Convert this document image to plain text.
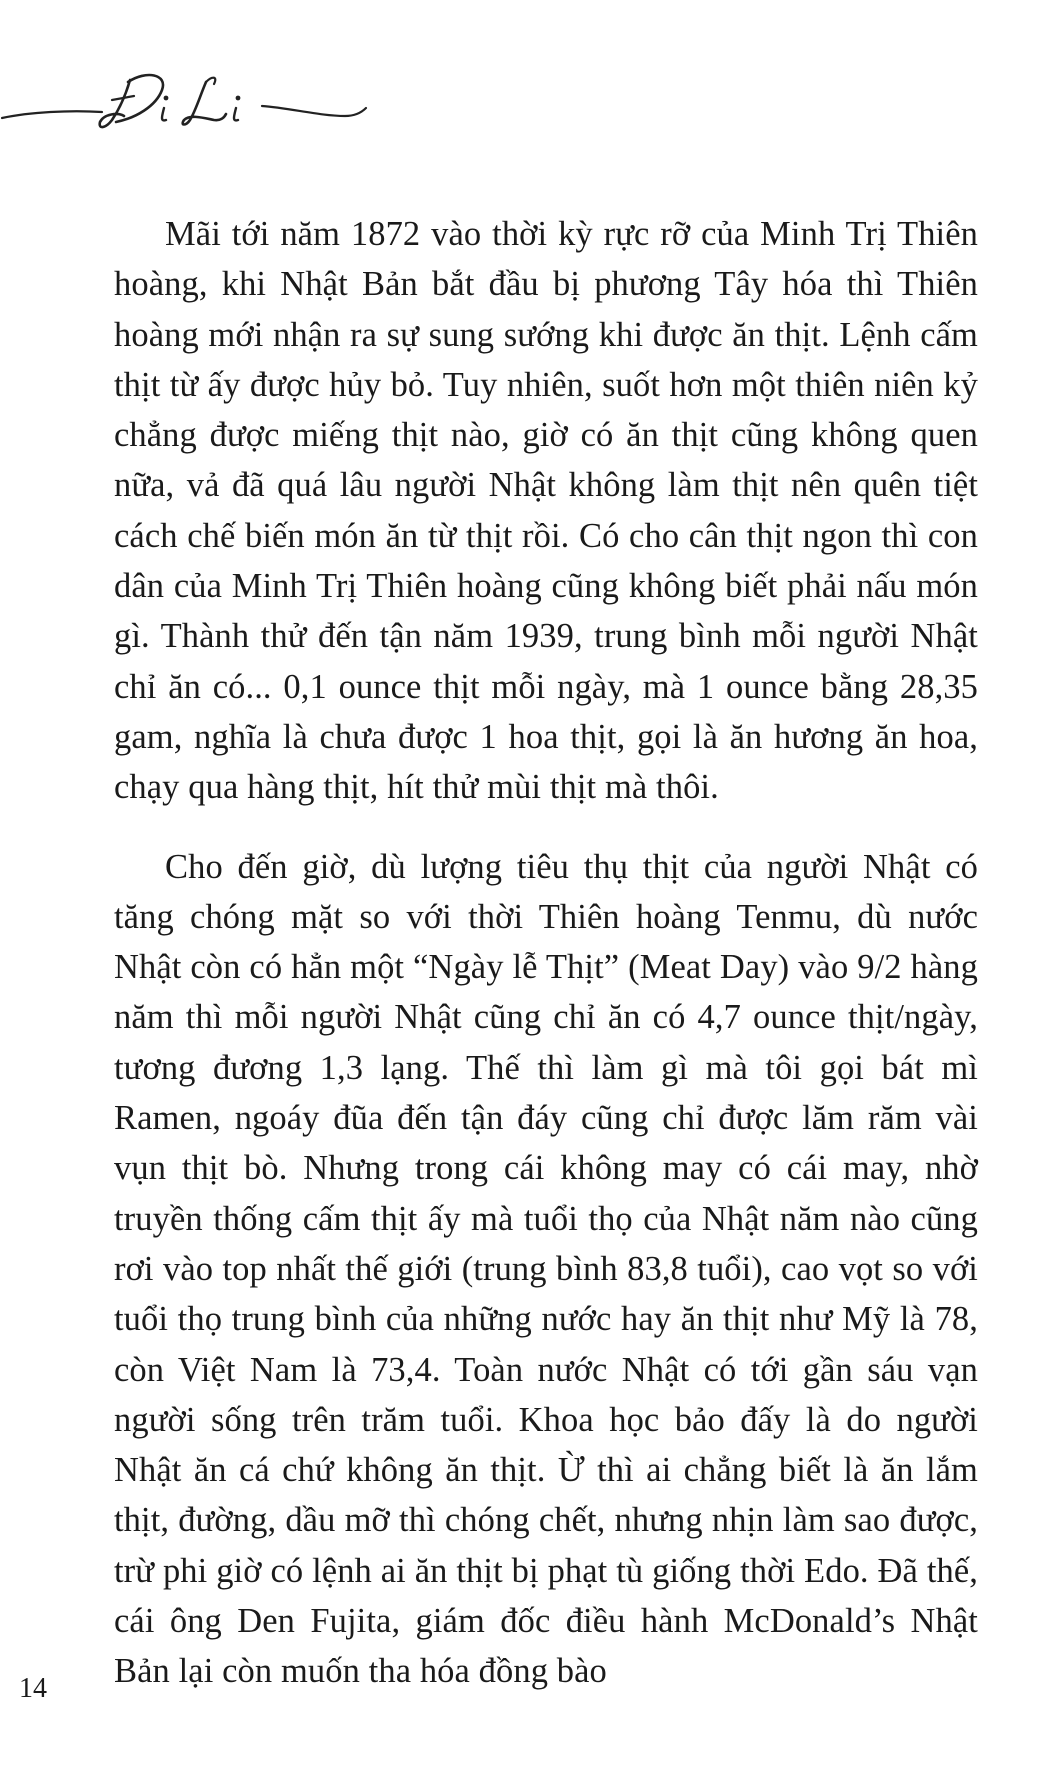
Mãi tới năm 1872 vào thời kỳ rực rỡ của Minh Trị Thiên hoàng, khi Nhật Bản bắt đầu bị phương Tây hóa thì Thiên hoàng mới nhận ra sự sung sướng khi được ăn thịt. Lệnh cấm thịt từ ấy được hủy bỏ. Tuy nhiên, suốt hơn một thiên niên kỷ chẳng được miếng thịt nào, giờ có ăn thịt cũng không quen nữa, vả đã quá lâu người Nhật không làm thịt nên quên tiệt cách chế biến món ăn từ thịt rồi. Có cho cân thịt ngon thì con dân của Minh Trị Thiên hoàng cũng không biết phải nấu món gì. Thành thử đến tận năm 1939, trung bình mỗi người Nhật chỉ ăn có... 0,1 ounce thịt mỗi ngày, mà 1 ounce bằng 28,35 gam, nghĩa là chưa được 1 hoa thịt, gọi là ăn hương ăn hoa, chạy qua hàng thịt, hít thử mùi thịt mà thôi.

Cho đến giờ, dù lượng tiêu thụ thịt của người Nhật có tăng chóng mặt so với thời Thiên hoàng Tenmu, dù nước Nhật còn có hẳn một “Ngày lễ Thịt” (Meat Day) vào 9/2 hàng năm thì mỗi người Nhật cũng chỉ ăn có 4,7 ounce thịt/ngày, tương đương 1,3 lạng. Thế thì làm gì mà tôi gọi bát mì Ramen, ngoáy đũa đến tận đáy cũng chỉ được lăm răm vài vụn thịt bò. Nhưng trong cái không may có cái may, nhờ truyền thống cấm thịt ấy mà tuổi thọ của Nhật năm nào cũng rơi vào top nhất thế giới (trung bình 83,8 tuổi), cao vọt so với tuổi thọ trung bình của những nước hay ăn thịt như Mỹ là 78, còn Việt Nam là 73,4. Toàn nước Nhật có tới gần sáu vạn người sống trên trăm tuổi. Khoa học bảo đấy là do người Nhật ăn cá chứ không ăn thịt. Ừ thì ai chẳng biết là ăn lắm thịt, đường, dầu mỡ thì chóng chết, nhưng nhịn làm sao được, trừ phi giờ có lệnh ai ăn thịt bị phạt tù giống thời Edo. Đã thế, cái ông Den Fujita, giám đốc điều hành McDonald’s Nhật Bản lại còn muốn tha hóa đồng bào

14
